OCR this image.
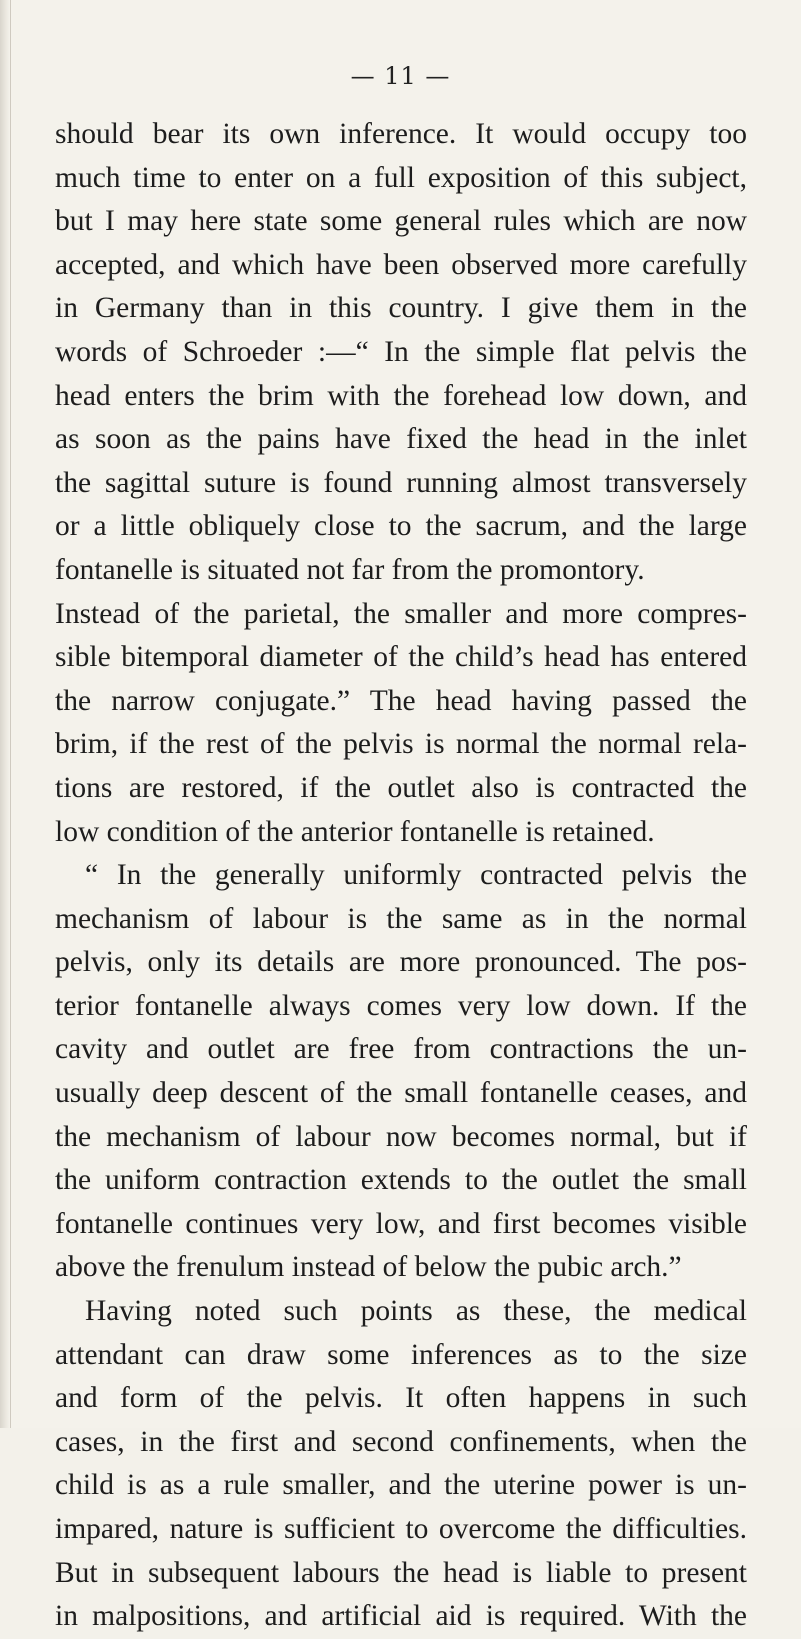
— 11 —
should bear its own inference. It would occupy too
much time to enter on a full exposition of this subject,
but I may here state some general rules which are now
accepted, and which have been observed more carefully
in Germany than in this country. I give them in the
words of Schroeder :—“ In the simple flat pelvis the
head enters the brim with the forehead low down, and
as soon as the pains have fixed the head in the inlet
the sagittal suture is found running almost transversely
or a little obliquely close to the sacrum, and the large
fontanelle is situated not far from the promontory.
Instead of the parietal, the smaller and more compres-
sible bitemporal diameter of the child’s head has entered
the narrow conjugate.” The head having passed the
brim, if the rest of the pelvis is normal the normal rela-
tions are restored, if the outlet also is contracted the
low condition of the anterior fontanelle is retained.
“ In the generally uniformly contracted pelvis the
mechanism of labour is the same as in the normal
pelvis, only its details are more pronounced. The pos-
terior fontanelle always comes very low down. If the
cavity and outlet are free from contractions the un-
usually deep descent of the small fontanelle ceases, and
the mechanism of labour now becomes normal, but if
the uniform contraction extends to the outlet the small
fontanelle continues very low, and first becomes visible
above the frenulum instead of below the pubic arch.”
Having noted such points as these, the medical
attendant can draw some inferences as to the size
and form of the pelvis. It often happens in such
cases, in the first and second confinements, when the
child is as a rule smaller, and the uterine power is un-
impared, nature is sufficient to overcome the difficulties.
But in subsequent labours the head is liable to present
in malpositions, and artificial aid is required. With the
